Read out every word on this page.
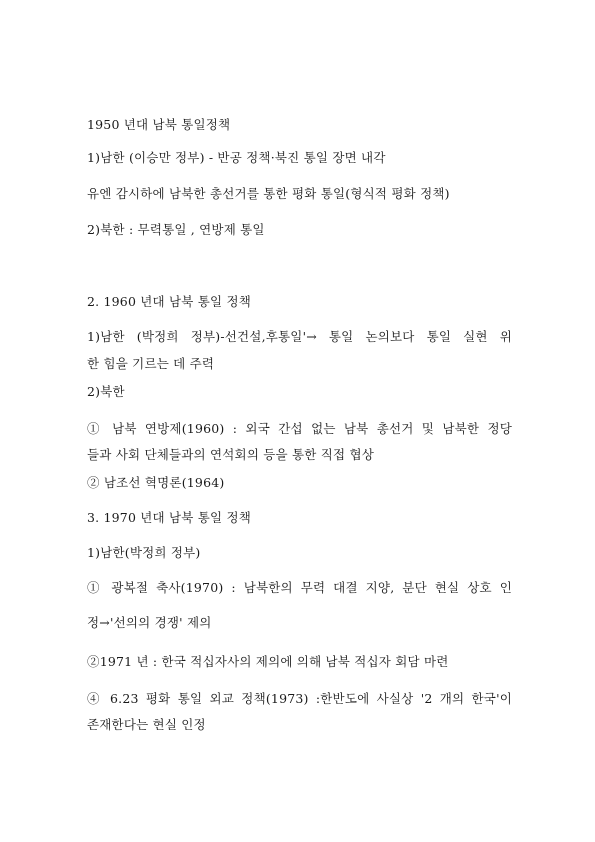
1950 년대 남북 통일정책
1)남한 (이승만 정부) - 반공 정책·북진 통일 장면 내각
유엔 감시하에 남북한 총선거를 통한 평화 통일(형식적 평화 정책)
2)북한 : 무력통일 , 연방제 통일
2. 1960 년대 남북 통일 정책
1)남한 (박정희 정부)-선건설,후통일'→ 통일 논의보다 통일 실현 위
한 힘을 기르는 데 주력
2)북한
① 남북 연방제(1960) : 외국 간섭 없는 남북 총선거 및 남북한 정당
들과 사회 단체들과의 연석회의 등을 통한 직접 협상
② 남조선 혁명론(1964)
3. 1970 년대 남북 통일 정책
1)남한(박정희 정부)
① 광복절 축사(1970) : 남북한의 무력 대결 지양, 분단 현실 상호 인
정→'선의의 경쟁' 제의
②1971 년 : 한국 적십자사의 제의에 의해 남북 적십자 회담 마련
④ 6.23 평화 통일 외교 정책(1973) :한반도에 사실상 '2 개의 한국'이
존재한다는 현실 인정
